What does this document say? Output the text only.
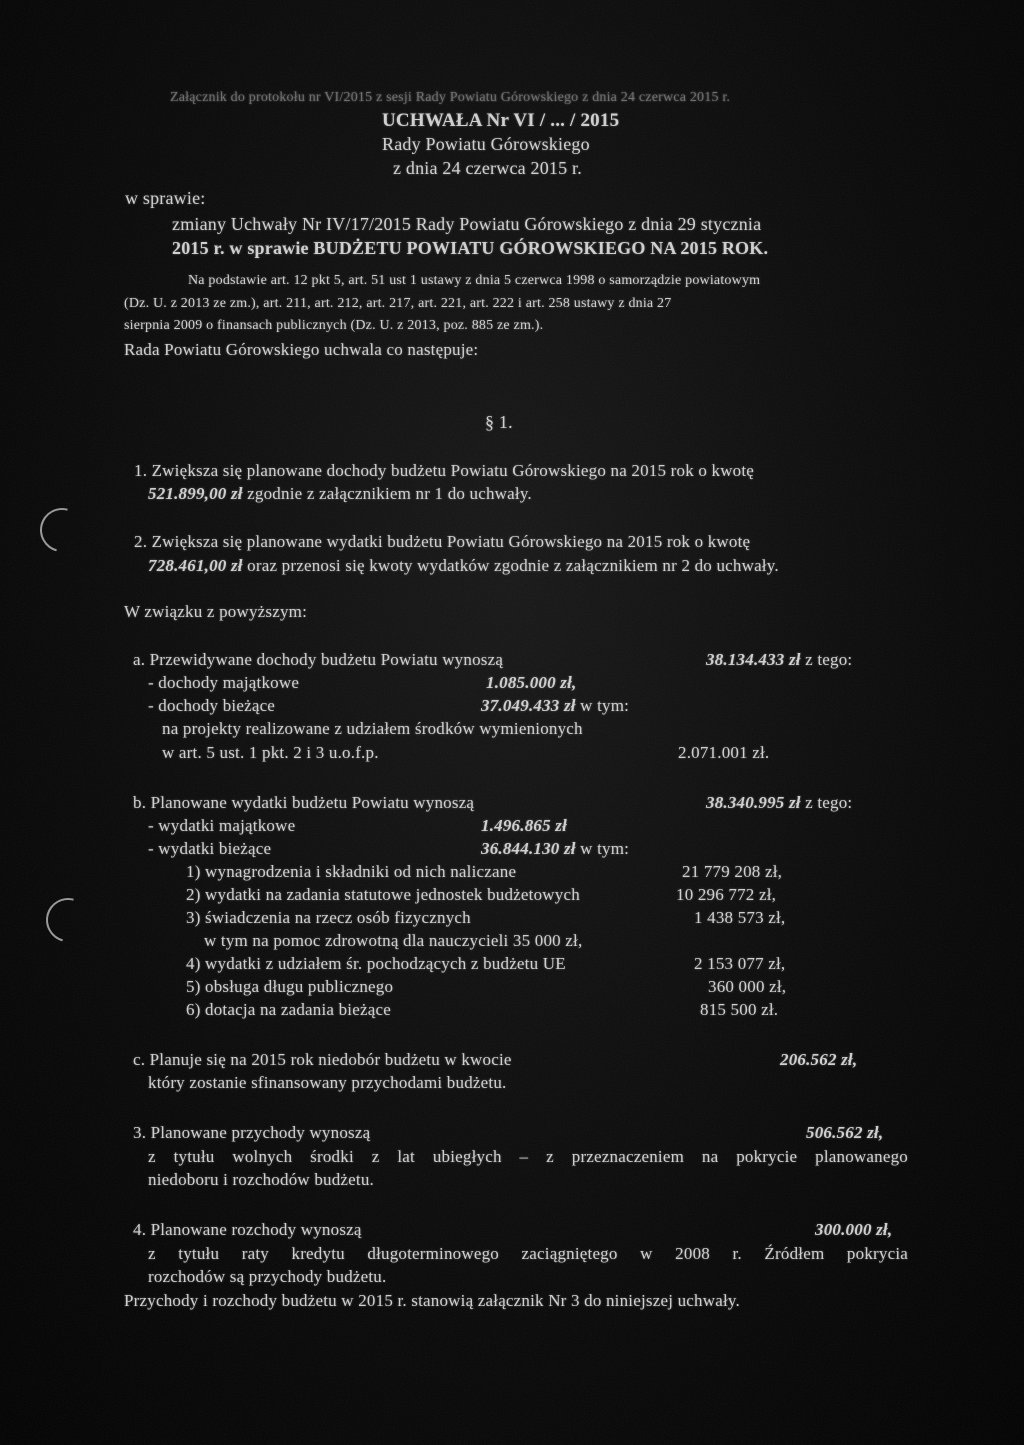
Załącznik do protokołu nr VI/2015 z sesji Rady Powiatu Górowskiego z dnia 24 czerwca 2015 r.
UCHWAŁA Nr VI / ... / 2015
Rady Powiatu Górowskiego
z dnia 24 czerwca 2015 r.
w sprawie:
zmiany Uchwały Nr IV/17/2015 Rady Powiatu Górowskiego z dnia 29 stycznia
2015 r. w sprawie BUDŻETU POWIATU GÓROWSKIEGO NA 2015 ROK.
Na podstawie art. 12 pkt 5, art. 51 ust 1 ustawy z dnia 5 czerwca 1998 o samorządzie powiatowym
(Dz. U. z 2013 ze zm.), art. 211, art. 212, art. 217, art. 221, art. 222 i art. 258 ustawy z dnia 27
sierpnia 2009 o finansach publicznych (Dz. U. z 2013, poz. 885 ze zm.).
Rada Powiatu Górowskiego uchwala co następuje:
§ 1.
1. Zwiększa się planowane dochody budżetu Powiatu Górowskiego na 2015 rok o kwotę
521.899,00 zł zgodnie z załącznikiem nr 1 do uchwały.
2. Zwiększa się planowane wydatki budżetu Powiatu Górowskiego na 2015 rok o kwotę
728.461,00 zł oraz przenosi się kwoty wydatków zgodnie z załącznikiem nr 2 do uchwały.
W związku z powyższym:
a. Przewidywane dochody budżetu Powiatu wynoszą	38.134.433 zł z tego:
- dochody majątkowe	1.085.000 zł,
- dochody bieżące	37.049.433 zł w tym:
na projekty realizowane z udziałem środków wymienionych
w art. 5 ust. 1 pkt. 2 i 3 u.o.f.p.	2.071.001 zł.
b. Planowane wydatki budżetu Powiatu wynoszą	38.340.995 zł z tego:
- wydatki majątkowe	1.496.865 zł
- wydatki bieżące	36.844.130 zł w tym:
1) wynagrodzenia i składniki od nich naliczane	21 779 208 zł,
2) wydatki na zadania statutowe jednostek budżetowych	10 296 772 zł,
3) świadczenia na rzecz osób fizycznych	1 438 573 zł,
w tym na pomoc zdrowotną dla nauczycieli 35 000 zł,
4) wydatki z udziałem śr. pochodzących z budżetu UE	2 153 077 zł,
5) obsługa długu publicznego	360 000 zł,
6) dotacja na zadania bieżące	815 500 zł.
c. Planuje się na 2015 rok niedobór budżetu w kwocie	206.562 zł,
który zostanie sfinansowany przychodami budżetu.
3. Planowane przychody wynoszą	506.562 zł,
z tytułu wolnych środki z lat ubiegłych – z przeznaczeniem na pokrycie planowanego
niedoboru i rozchodów budżetu.
4. Planowane rozchody wynoszą	300.000 zł,
z tytułu raty kredytu długoterminowego zaciągniętego w 2008 r. Źródłem pokrycia
rozchodów są przychody budżetu.
Przychody i rozchody budżetu w 2015 r. stanowią załącznik Nr 3 do niniejszej uchwały.
